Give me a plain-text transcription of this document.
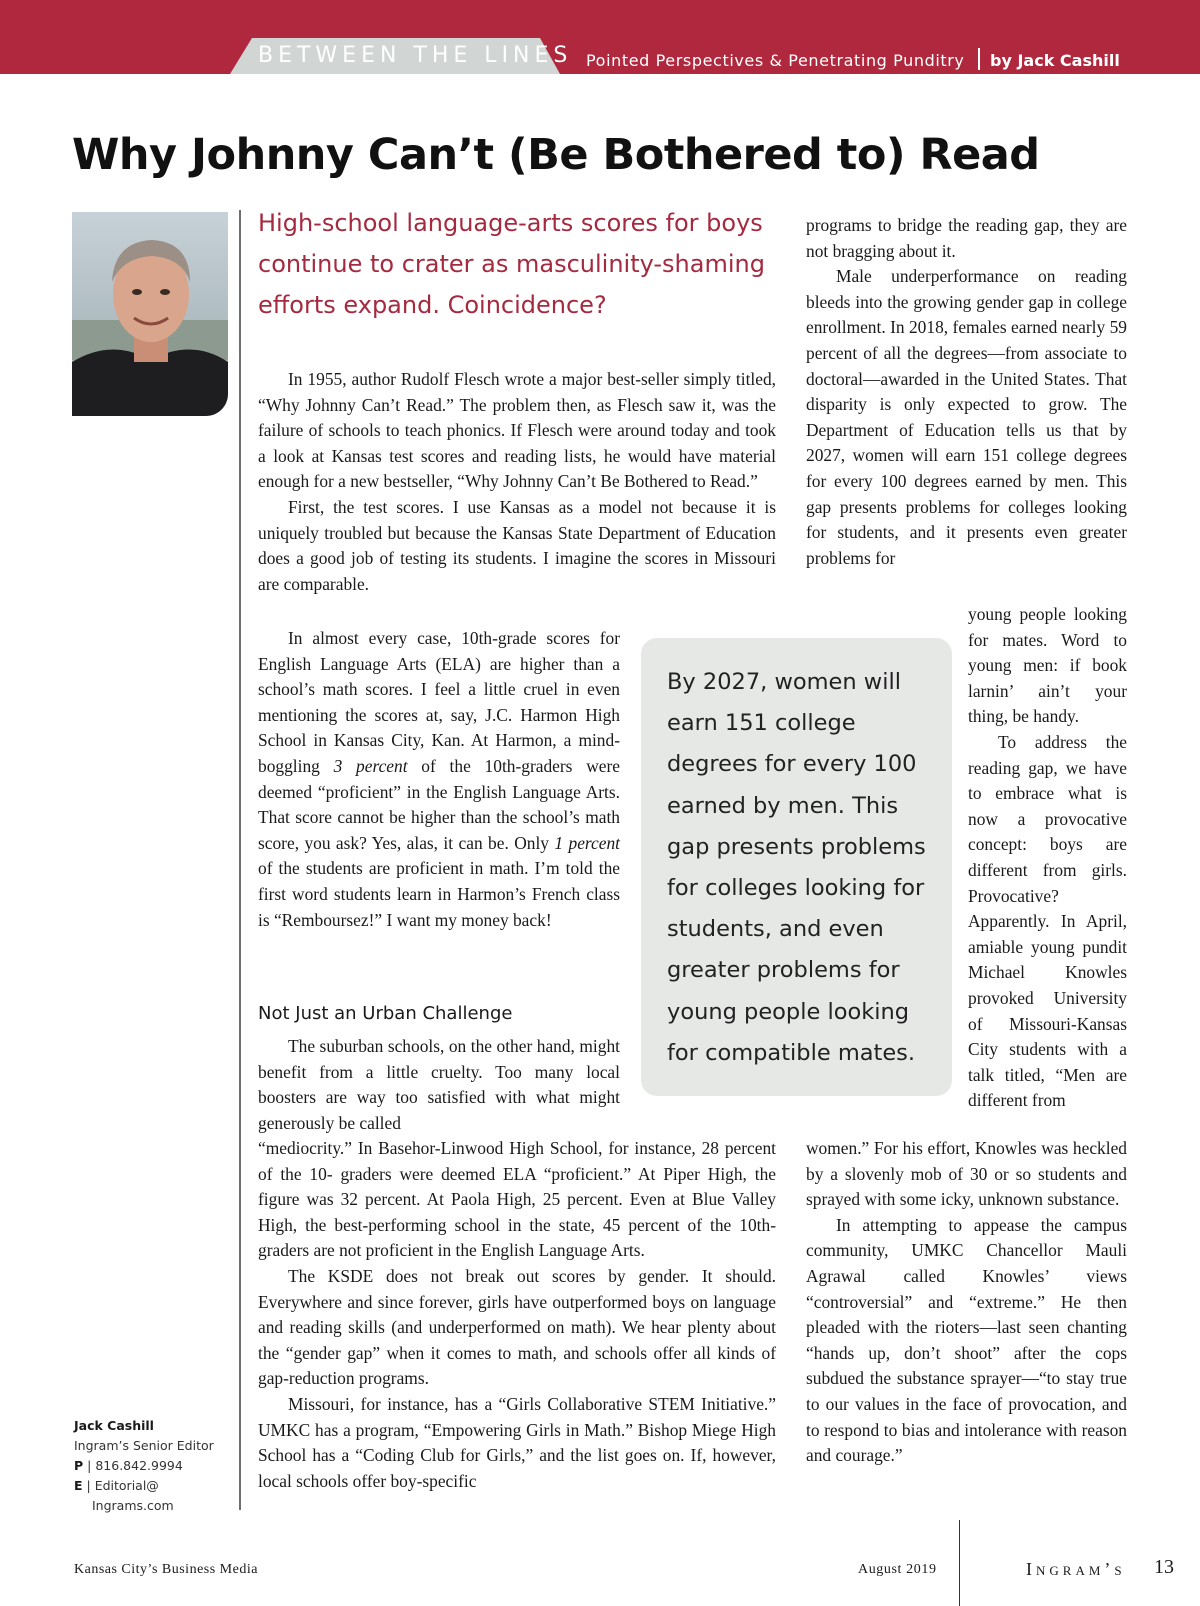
BETWEEN THE LINES Pointed Perspectives & Penetrating Punditry by Jack Cashill
Why Johnny Can’t (Be Bothered to) Read

High-school language-arts scores for boys continue to crater as masculinity-shaming efforts expand. Coincidence?

In 1955, author Rudolf Flesch wrote a major best-seller simply titled, “Why Johnny Can’t Read.” The problem then, as Flesch saw it, was the failure of schools to teach phonics. If Flesch were around today and took a look at Kansas test scores and reading lists, he would have material enough for a new bestseller, “Why Johnny Can’t Be Bothered to Read.”

First, the test scores. I use Kansas as a model not because it is uniquely troubled but because the Kansas State Department of Education does a good job of testing its students. I imagine the scores in Missouri are comparable.

In almost every case, 10th-grade scores for English Language Arts (ELA) are higher than a school’s math scores. I feel a little cruel in even mentioning the scores at, say, J.C. Harmon High School in Kansas City, Kan. At Harmon, a mind-boggling 3 percent of the 10th-graders were deemed “proficient” in the English Language Arts. That score cannot be higher than the school’s math score, you ask? Yes, alas, it can be. Only 1 percent of the students are proficient in math. I’m told the first word students learn in Harmon’s French class is “Remboursez!” I want my money back!

Not Just an Urban Challenge

The suburban schools, on the other hand, might benefit from a little cruelty. Too many local boosters are way too satisfied with what might generously be called

“mediocrity.” In Basehor-Linwood High School, for instance, 28 percent of the 10- graders were deemed ELA “proficient.” At Piper High, the figure was 32 percent. At Paola High, 25 percent. Even at Blue Valley High, the best-performing school in the state, 45 percent of the 10th-graders are not proficient in the English Language Arts.

The KSDE does not break out scores by gender. It should. Everywhere and since forever, girls have outperformed boys on language and reading skills (and underperformed on math). We hear plenty about the “gender gap” when it comes to math, and schools offer all kinds of gap-reduction programs.

Missouri, for instance, has a “Girls Collaborative STEM Initiative.” UMKC has a program, “Empowering Girls in Math.” Bishop Miege High School has a “Coding Club for Girls,” and the list goes on. If, however, local schools offer boy-specific

programs to bridge the reading gap, they are not bragging about it.

Male underperformance on reading bleeds into the growing gender gap in college enrollment. In 2018, females earned nearly 59 percent of all the degrees—from associate to doctoral—awarded in the United States. That disparity is only expected to grow. The Department of Education tells us that by 2027, women will earn 151 college degrees for every 100 degrees earned by men. This gap presents problems for colleges looking for students, and it presents even greater problems for

young people looking for mates. Word to young men: if book larnin’ ain’t your thing, be handy.

To address the reading gap, we have to embrace what is now a provocative concept: boys are different from girls. Provocative? Apparently. In April, amiable young pundit Michael Knowles provoked University of Missouri-Kansas City students with a talk titled, “Men are different from

women.” For his effort, Knowles was heckled by a slovenly mob of 30 or so students and sprayed with some icky, unknown substance.

In attempting to appease the campus community, UMKC Chancellor Mauli Agrawal called Knowles’ views “controversial” and “extreme.” He then pleaded with the rioters—last seen chanting “hands up, don’t shoot” after the cops subdued the substance sprayer—“to stay true to our values in the face of provocation, and to respond to bias and intolerance with reason and courage.”

By 2027, women will earn 151 college degrees for every 100 earned by men. This gap presents problems for colleges looking for students, and even greater problems for young people looking for compatible mates.
Jack Cashill
Ingram’s Senior Editor
P | 816.842.9994
E | Editorial@
Ingrams.com
Kansas City’s Business Media	August 2019	Ingram’s 13
